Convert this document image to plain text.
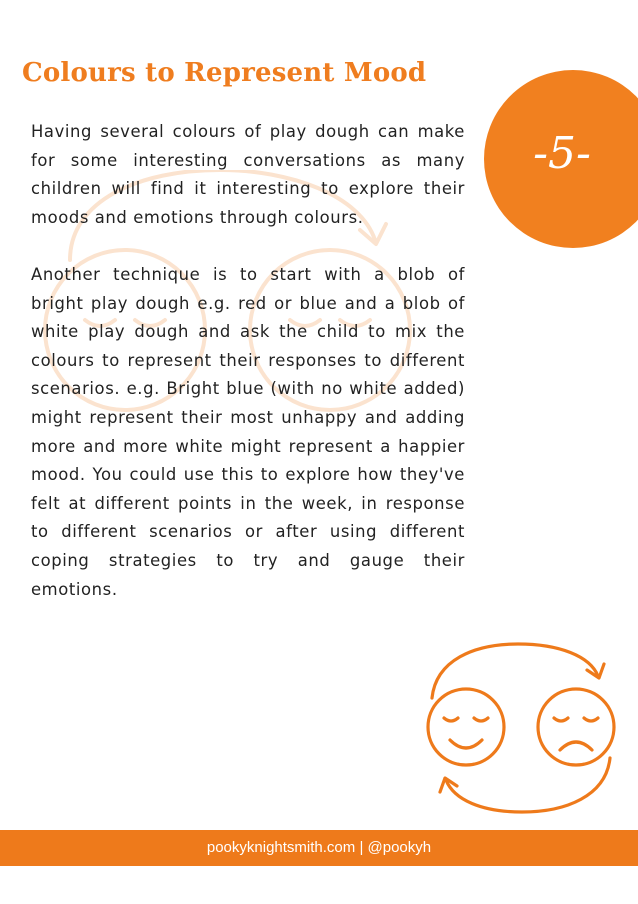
Colours to Represent Mood
-5-

Having several colours of play dough can make for some interesting conversations as many children will find it interesting to explore their moods and emotions through colours.

Another technique is to start with a blob of bright play dough e.g. red or blue and a blob of white play dough and ask the child to mix the colours to represent their responses to different scenarios. e.g. Bright blue (with no white added) might represent their most unhappy and adding more and more white might represent a happier mood. You could use this to explore how they've felt at different points in the week, in response to different scenarios or after using different coping strategies to try and gauge their emotions.

pookyknightsmith.com | @pookyh
